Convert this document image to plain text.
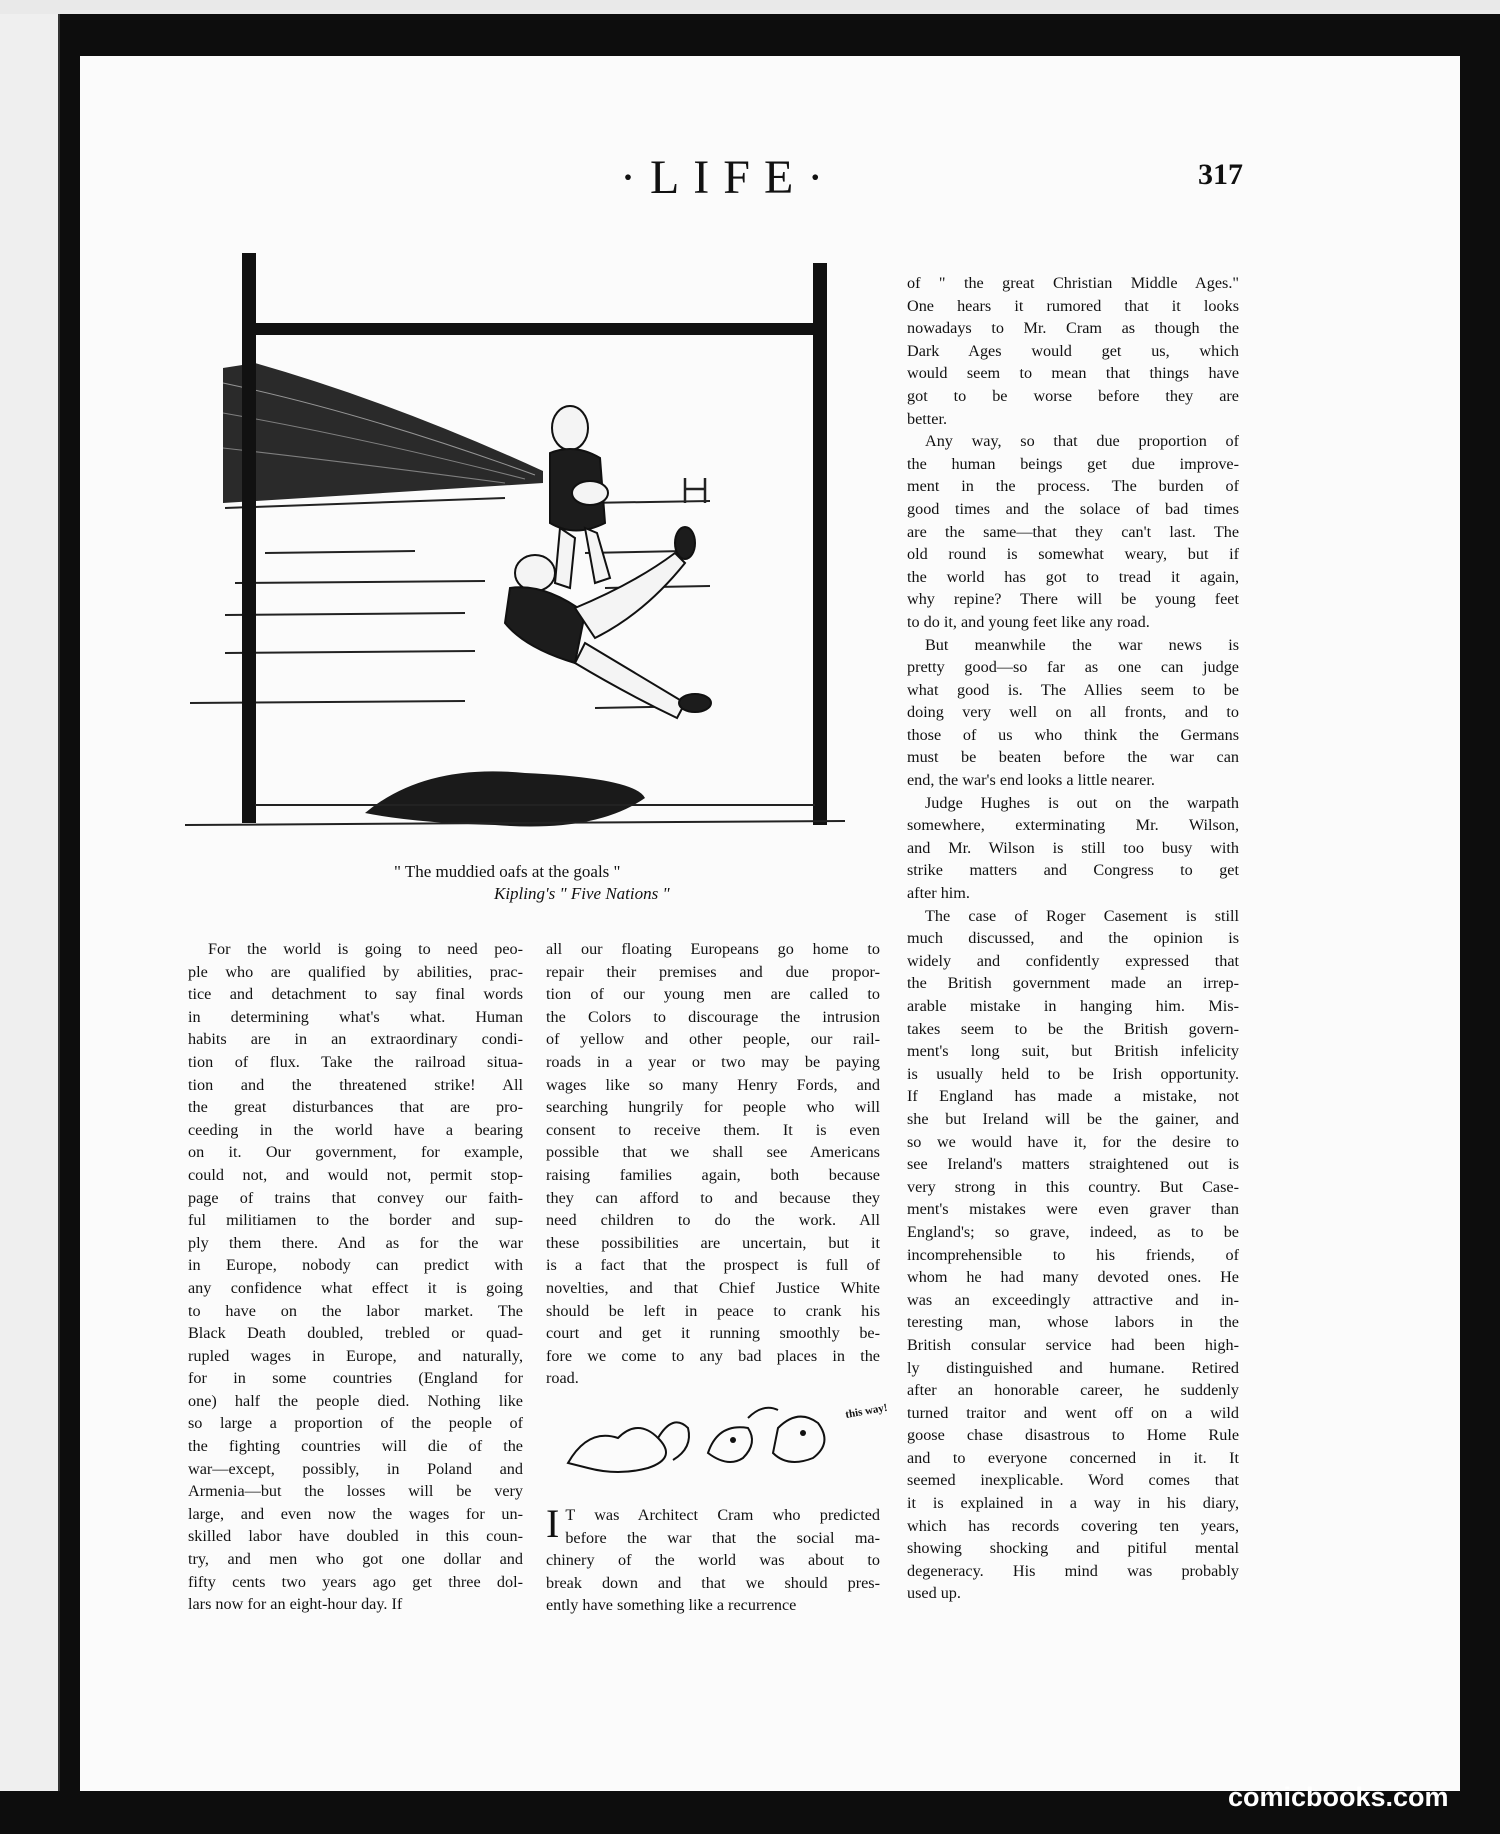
·LIFE·	317
" The muddied oafs at the goals "
Kipling's " Five Nations "

For the world is going to need peo-

ple who are qualified by abilities, prac-

tice and detachment to say final words

in determining what's what. Human

habits are in an extraordinary condi-

tion of flux. Take the railroad situa-

tion and the threatened strike! All

the great disturbances that are pro-

ceeding in the world have a bearing

on it. Our government, for example,

could not, and would not, permit stop-

page of trains that convey our faith-

ful militiamen to the border and sup-

ply them there. And as for the war

in Europe, nobody can predict with

any confidence what effect it is going

to have on the labor market. The

Black Death doubled, trebled or quad-

rupled wages in Europe, and naturally,

for in some countries (England for

one) half the people died. Nothing like

so large a proportion of the people of

the fighting countries will die of the

war—except, possibly, in Poland and

Armenia—but the losses will be very

large, and even now the wages for un-

skilled labor have doubled in this coun-

try, and men who got one dollar and

fifty cents two years ago get three dol-

lars now for an eight-hour day. If

all our floating Europeans go home to

repair their premises and due propor-

tion of our young men are called to

the Colors to discourage the intrusion

of yellow and other people, our rail-

roads in a year or two may be paying

wages like so many Henry Fords, and

searching hungrily for people who will

consent to receive them. It is even

possible that we shall see Americans

raising families again, both because

they can afford to and because they

need children to do the work. All

these possibilities are uncertain, but it

is a fact that the prospect is full of

novelties, and that Chief Justice White

should be left in peace to crank his

court and get it running smoothly be-

fore we come to any bad places in the

road.

this way!
I T was Architect Cram who predicted

before the war that the social ma-

chinery of the world was about to

break down and that we should pres-

ently have something like a recurrence

of " the great Christian Middle Ages."

One hears it rumored that it looks

nowadays to Mr. Cram as though the

Dark Ages would get us, which

would seem to mean that things have

got to be worse before they are

better.

Any way, so that due proportion of

the human beings get due improve-

ment in the process. The burden of

good times and the solace of bad times

are the same—that they can't last. The

old round is somewhat weary, but if

the world has got to tread it again,

why repine? There will be young feet

to do it, and young feet like any road.

But meanwhile the war news is

pretty good—so far as one can judge

what good is. The Allies seem to be

doing very well on all fronts, and to

those of us who think the Germans

must be beaten before the war can

end, the war's end looks a little nearer.

Judge Hughes is out on the warpath

somewhere, exterminating Mr. Wilson,

and Mr. Wilson is still too busy with

strike matters and Congress to get

after him.

The case of Roger Casement is still

much discussed, and the opinion is

widely and confidently expressed that

the British government made an irrep-

arable mistake in hanging him. Mis-

takes seem to be the British govern-

ment's long suit, but British infelicity

is usually held to be Irish opportunity.

If England has made a mistake, not

she but Ireland will be the gainer, and

so we would have it, for the desire to

see Ireland's matters straightened out is

very strong in this country. But Case-

ment's mistakes were even graver than

England's; so grave, indeed, as to be

incomprehensible to his friends, of

whom he had many devoted ones. He

was an exceedingly attractive and in-

teresting man, whose labors in the

British consular service had been high-

ly distinguished and humane. Retired

after an honorable career, he suddenly

turned traitor and went off on a wild

goose chase disastrous to Home Rule

and to everyone concerned in it. It

seemed inexplicable. Word comes that

it is explained in a way in his diary,

which has records covering ten years,

showing shocking and pitiful mental

degeneracy. His mind was probably

used up.

comicbooks.com
